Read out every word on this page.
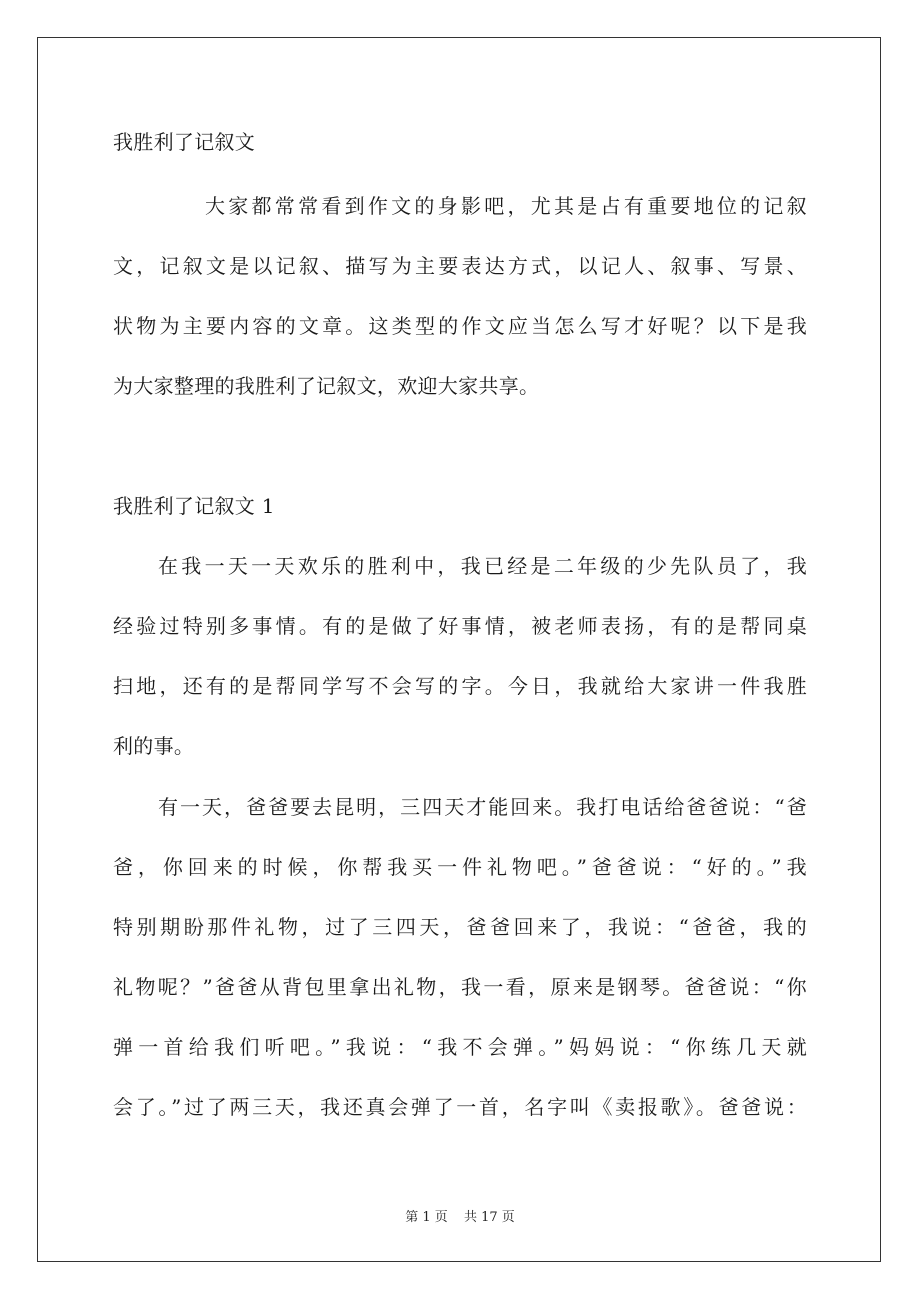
我胜利了记叙文
大家都常常看到作文的身影吧，尤其是占有重要地位的记叙
文，记叙文是以记叙、描写为主要表达方式，以记人、叙事、写景、
状物为主要内容的文章。这类型的作文应当怎么写才好呢？以下是我
为大家整理的我胜利了记叙文，欢迎大家共享。
我胜利了记叙文 1
在我一天一天欢乐的胜利中，我已经是二年级的少先队员了，我
经验过特别多事情。有的是做了好事情，被老师表扬，有的是帮同桌
扫地，还有的是帮同学写不会写的字。今日，我就给大家讲一件我胜
利的事。
有一天，爸爸要去昆明，三四天才能回来。我打电话给爸爸说：“爸
爸，你回来的时候，你帮我买一件礼物吧。”爸爸说：“好的。”我
特别期盼那件礼物，过了三四天，爸爸回来了，我说：“爸爸，我的
礼物呢？”爸爸从背包里拿出礼物，我一看，原来是钢琴。爸爸说：“你
弹一首给我们听吧。”我说：“我不会弹。”妈妈说：“你练几天就
会了。”过了两三天，我还真会弹了一首，名字叫《卖报歌》。爸爸说：
第 1 页 共 17 页
